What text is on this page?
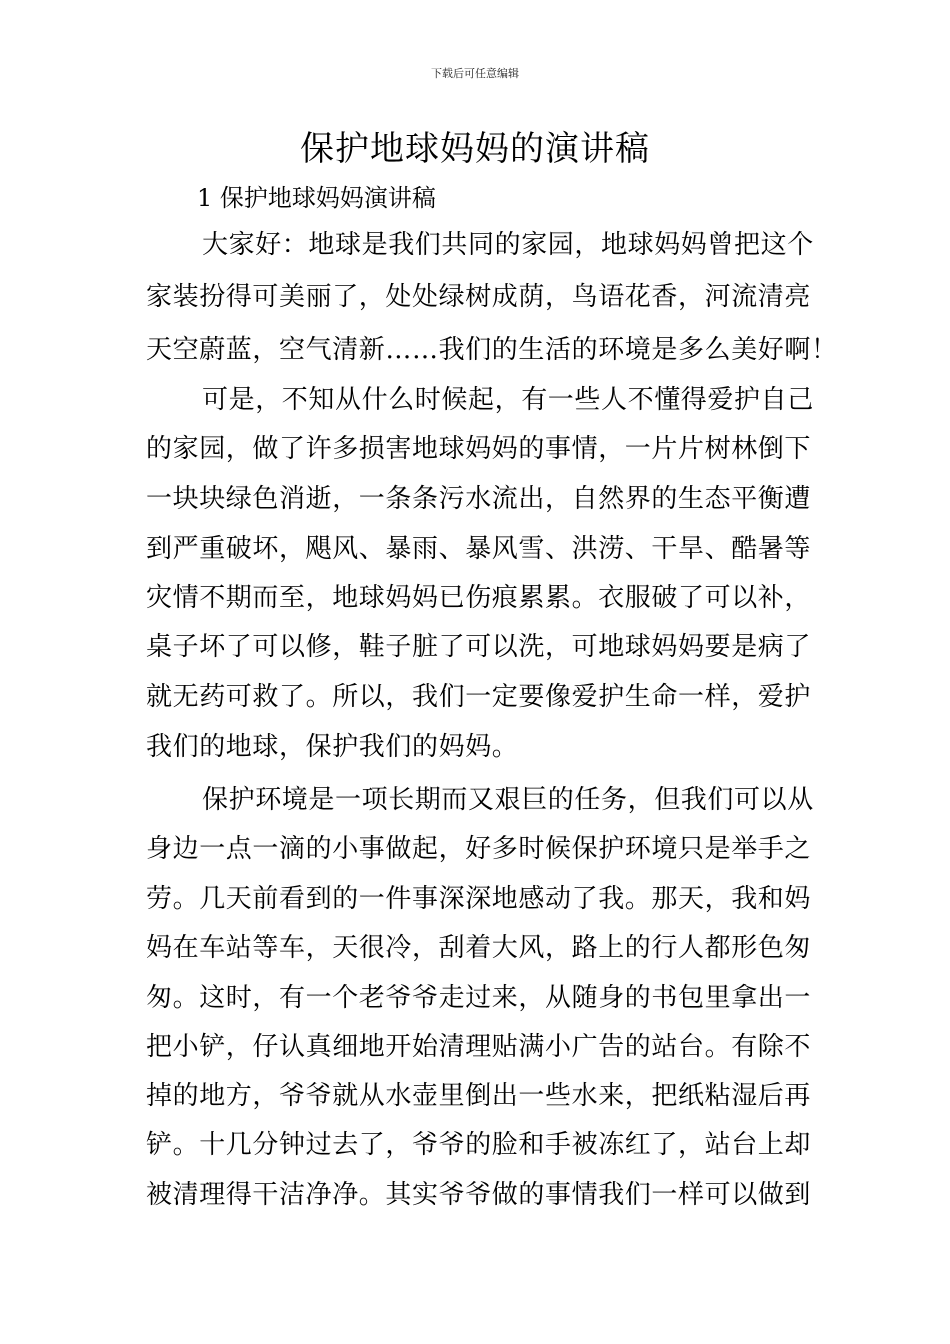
下载后可任意编辑
保护地球妈妈的演讲稿
1 保护地球妈妈演讲稿
大家好：地球是我们共同的家园，地球妈妈曾把这个
家装扮得可美丽了，处处绿树成荫，鸟语花香，河流清亮
天空蔚蓝，空气清新……我们的生活的环境是多么美好啊！
可是，不知从什么时候起，有一些人不懂得爱护自己
的家园，做了许多损害地球妈妈的事情，一片片树林倒下
一块块绿色消逝，一条条污水流出，自然界的生态平衡遭
到严重破坏，飓风、暴雨、暴风雪、洪涝、干旱、酷暑等
灾情不期而至，地球妈妈已伤痕累累。衣服破了可以补，
桌子坏了可以修，鞋子脏了可以洗，可地球妈妈要是病了
就无药可救了。所以，我们一定要像爱护生命一样，爱护
我们的地球，保护我们的妈妈。
保护环境是一项长期而又艰巨的任务，但我们可以从
身边一点一滴的小事做起，好多时候保护环境只是举手之
劳。几天前看到的一件事深深地感动了我。那天，我和妈
妈在车站等车，天很冷，刮着大风，路上的行人都形色匆
匆。这时，有一个老爷爷走过来，从随身的书包里拿出一
把小铲，仔认真细地开始清理贴满小广告的站台。有除不
掉的地方，爷爷就从水壶里倒出一些水来，把纸粘湿后再
铲。十几分钟过去了，爷爷的脸和手被冻红了，站台上却
被清理得干洁净净。其实爷爷做的事情我们一样可以做到
